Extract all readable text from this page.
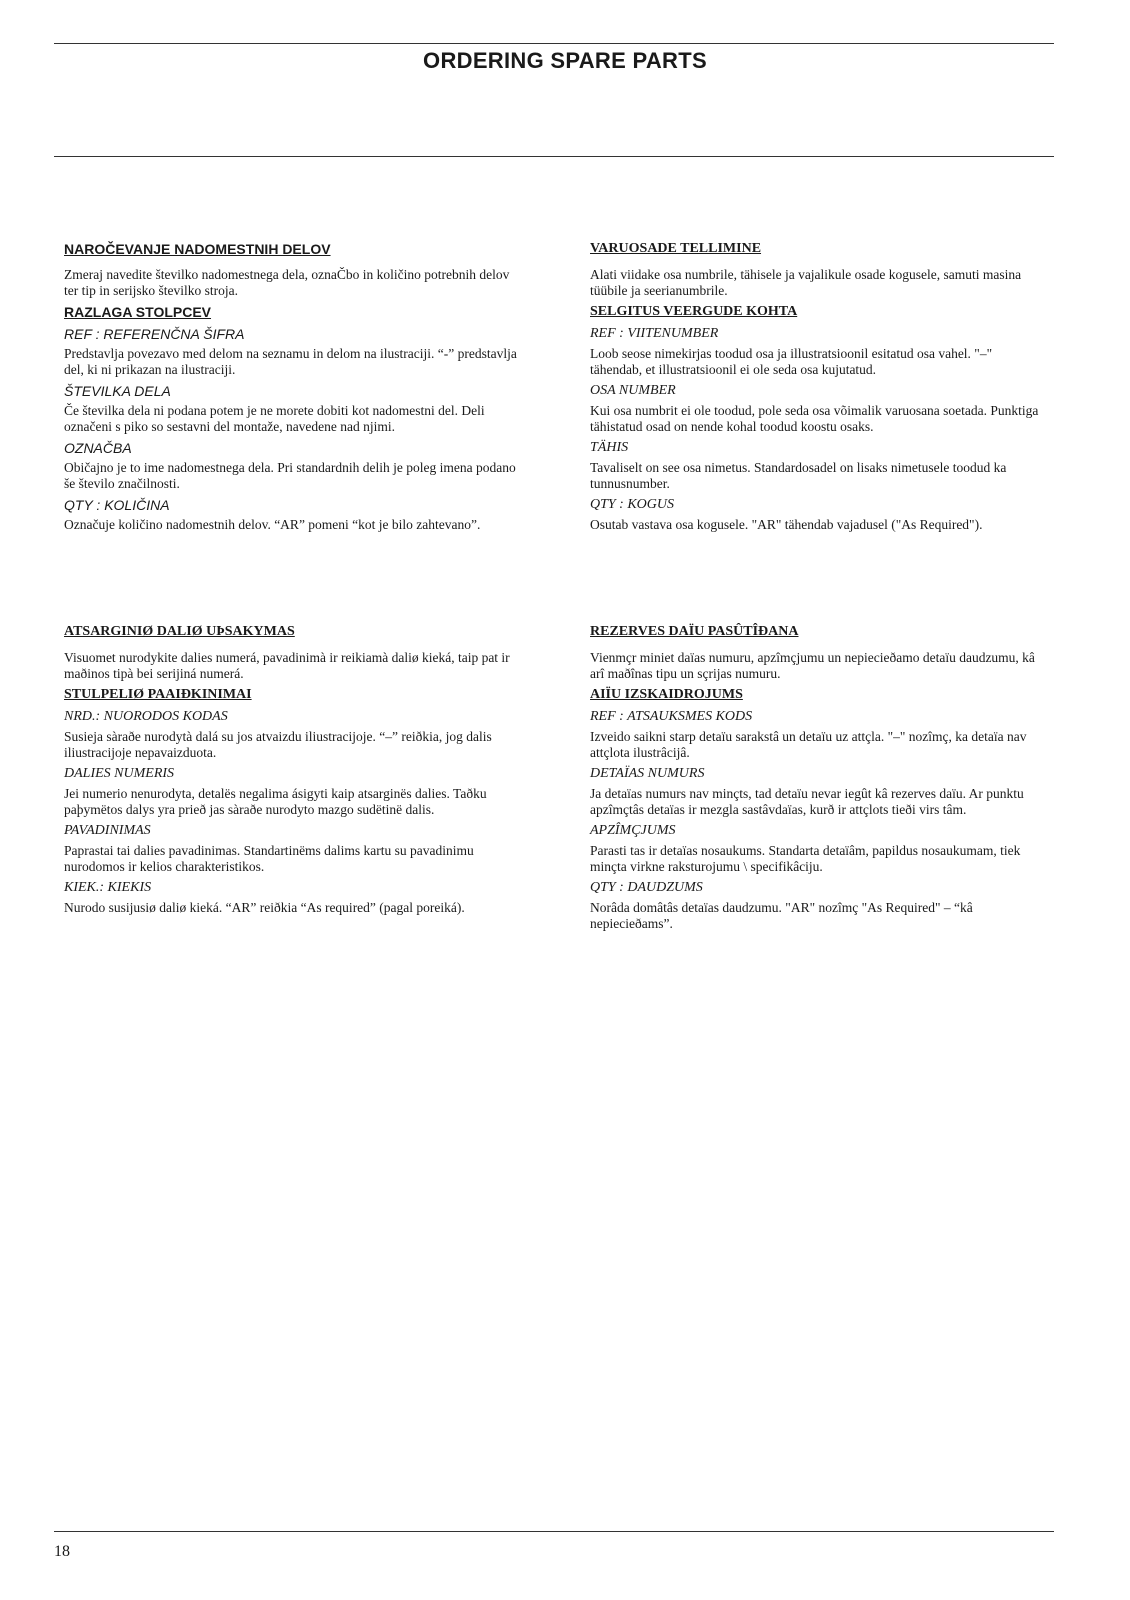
ORDERING SPARE PARTS

NAROČEVANJE NADOMESTNIH DELOV

Zmeraj navedite številko nadomestnega dela, oznaČbo in količino potrebnih delov ter tip in serijsko številko stroja.

RAZLAGA STOLPCEV

REF : REFERENČNA ŠIFRA

Predstavlja povezavo med delom na seznamu in delom na ilustraciji. “-” predstavlja del, ki ni prikazan na ilustraciji.

ŠTEVILKA DELA

Če številka dela ni podana potem je ne morete dobiti kot nadomestni del. Deli označeni s piko so sestavni del montaže, navedene nad njimi.

OZNAČBA

Običajno je to ime nadomestnega dela. Pri standardnih delih je poleg imena podano še število značilnosti.

QTY : KOLIČINA

Označuje količino nadomestnih delov. “AR” pomeni “kot je bilo zahtevano”.

VARUOSADE TELLIMINE

Alati viidake osa numbrile, tähisele ja vajalikule osade kogusele, samuti masina tüübile ja seerianumbrile.

SELGITUS VEERGUDE KOHTA

REF : VIITENUMBER

Loob seose nimekirjas toodud osa ja illustratsioonil esitatud osa vahel. "–" tähendab, et illustratsioonil ei ole seda osa kujutatud.

OSA NUMBER

Kui osa numbrit ei ole toodud, pole seda osa võimalik varuosana soetada. Punktiga tähistatud osad on nende kohal toodud koostu osaks.

TÄHIS

Tavaliselt on see osa nimetus. Standardosadel on lisaks nimetusele toodud ka tunnusnumber.

QTY : KOGUS

Osutab vastava osa kogusele. "AR" tähendab vajadusel ("As Required").

ATSARGINIØ DALIØ UÞSAKYMAS

Visuomet nurodykite dalies numerá, pavadinimà ir reikiamà daliø kieká, taip pat ir maðinos tipà bei serijiná numerá.

STULPELIØ PAAIÐKINIMAI

NRD.: NUORODOS KODAS

Susieja sàraðe nurodytà dalá su jos atvaizdu iliustracijoje. “–” reiðkia, jog dalis iliustracijoje nepavaizduota.

DALIES NUMERIS

Jei numerio nenurodyta, detalës negalima ásigyti kaip atsarginës dalies. Taðku paþymëtos dalys yra prieð jas sàraðe nurodyto mazgo sudëtinë dalis.

PAVADINIMAS

Paprastai tai dalies pavadinimas. Standartinëms dalims kartu su pavadinimu nurodomos ir kelios charakteristikos.

KIEK.: KIEKIS

Nurodo susijusiø daliø kieká. “AR” reiðkia “As required” (pagal poreiká).

REZERVES DAÏU PASÛTÎÐANA

Vienmçr miniet daïas numuru, apzîmçjumu un nepiecieðamo detaïu daudzumu, kâ arî maðînas tipu un sçrijas numuru.

AIÏU IZSKAIDROJUMS

REF : ATSAUKSMES KODS

Izveido saikni starp detaïu sarakstâ un detaïu uz attçla. "–" nozîmç, ka detaïa nav attçlota ilustrâcijâ.

DETAÏAS NUMURS

Ja detaïas numurs nav minçts, tad detaïu nevar iegût kâ rezerves daïu. Ar punktu apzîmçtâs detaïas ir mezgla sastâvdaïas, kurð ir attçlots tieði virs tâm.

APZÎMÇJUMS

Parasti tas ir detaïas nosaukums. Standarta detaïâm, papildus nosaukumam, tiek minçta virkne raksturojumu \ specifikâciju.

QTY : DAUDZUMS

Norâda domâtâs detaïas daudzumu. "AR" nozîmç "As Required" – “kâ nepiecieðams”.

18
